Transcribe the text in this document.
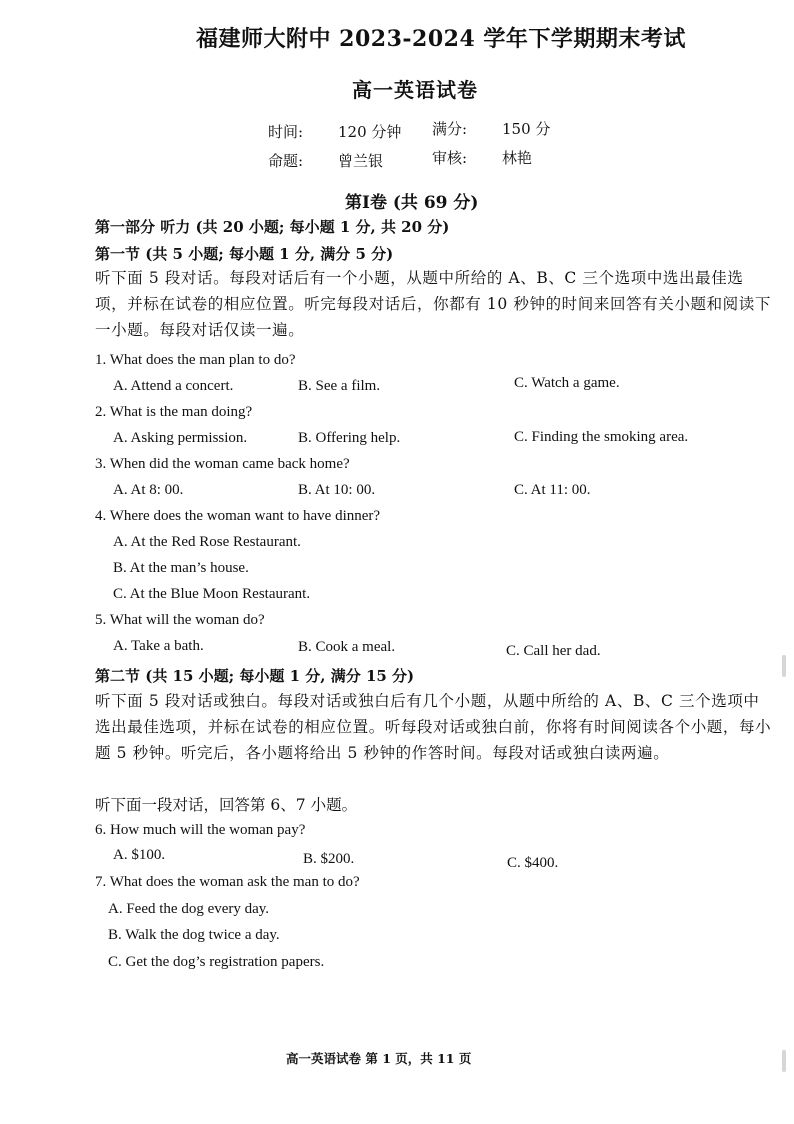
福建师大附中 2023-2024 学年下学期期末考试
高一英语试卷
时间: 120 分钟 满分: 150 分
命题: 曾兰银	审核: 林艳
第I卷 (共 69 分)
第一部分 听力 (共 20 小题; 每小题 1 分, 共 20 分)
第一节 (共 5 小题; 每小题 1 分, 满分 5 分)
听下面 5 段对话。每段对话后有一个小题，从题中所给的 A、B、C 三个选项中选出最佳选项，并标在试卷的相应位置。听完每段对话后，你都有 10 秒钟的时间来回答有关小题和阅读下一小题。每段对话仅读一遍。
1. What does the man plan to do?
A. Attend a concert.	B. See a film.	C. Watch a game.
2. What is the man doing?
A. Asking permission.	B. Offering help.	C. Finding the smoking area.
3. When did the woman came back home?
A. At 8: 00.	B. At 10: 00.	C. At 11: 00.
4. Where does the woman want to have dinner?
A. At the Red Rose Restaurant.
B. At the man’s house.
C. At the Blue Moon Restaurant.
5. What will the woman do?
A. Take a bath.	B. Cook a meal.	C. Call her dad.
第二节 (共 15 小题; 每小题 1 分, 满分 15 分)
听下面 5 段对话或独白。每段对话或独白后有几个小题，从题中所给的 A、B、C 三个选项中选出最佳选项，并标在试卷的相应位置。听每段对话或独白前，你将有时间阅读各个小题，每小题 5 秒钟。听完后，各小题将给出 5 秒钟的作答时间。每段对话或独白读两遍。
听下面一段对话，回答第 6、7 小题。
6. How much will the woman pay?
A. $100.	B. $200.	C. $400.
7. What does the woman ask the man to do?
A. Feed the dog every day.
B. Walk the dog twice a day.
C. Get the dog’s registration papers.
高一英语试卷 第 1 页，共 11 页
